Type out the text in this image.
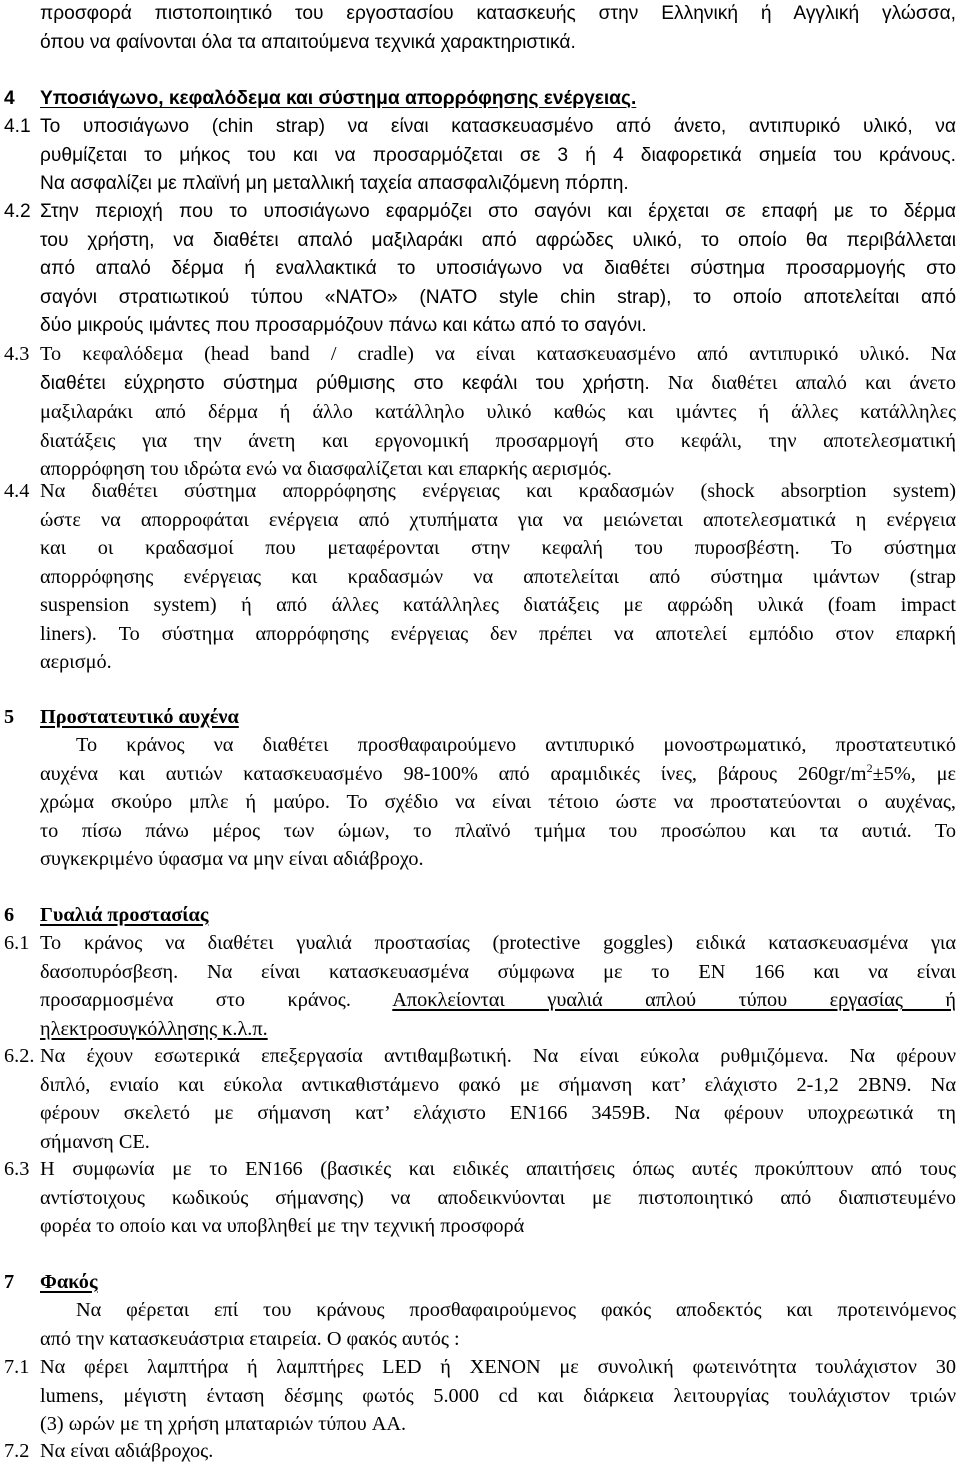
προσφορά πιστοποιητικό του εργοστασίου κατασκευής στην Ελληνική ή Αγγλική γλώσσα,
όπου να φαίνονται όλα τα απαιτούμενα τεχνικά χαρακτηριστικά.
4 Υποσιάγωνο, κεφαλόδεμα και σύστημα απορρόφησης ενέργειας.
4.1 Το υποσιάγωνο (chin strap) να είναι κατασκευασμένο από άνετο, αντιπυρικό υλικό, να
ρυθμίζεται το μήκος του και να προσαρμόζεται σε 3 ή 4 διαφορετικά σημεία του κράνους.
Να ασφαλίζει με πλαϊνή μη μεταλλική ταχεία απασφαλιζόμενη πόρπη.
4.2 Στην περιοχή που το υποσιάγωνο εφαρμόζει στο σαγόνι και έρχεται σε επαφή με το δέρμα
του χρήστη, να διαθέτει απαλό μαξιλαράκι από αφρώδες υλικό, το οποίο θα περιβάλλεται
από απαλό δέρμα ή εναλλακτικά το υποσιάγωνο να διαθέτει σύστημα προσαρμογής στο
σαγόνι στρατιωτικού τύπου «NATO» (NATO style chin strap), το οποίο αποτελείται από
δύο μικρούς ιμάντες που προσαρμόζουν πάνω και κάτω από το σαγόνι.
4.3 Το κεφαλόδεμα (head band / cradle) να είναι κατασκευασμένο από αντιπυρικό υλικό. Να
διαθέτει εύχρηστο σύστημα ρύθμισης στο κεφάλι του χρήστη. Να διαθέτει απαλό και άνετο
μαξιλαράκι από δέρμα ή άλλο κατάλληλο υλικό καθώς και ιμάντες ή άλλες κατάλληλες
διατάξεις για την άνετη και εργονομική προσαρμογή στο κεφάλι, την αποτελεσματική
απορρόφηση του ιδρώτα ενώ να διασφαλίζεται και επαρκής αερισμός.
4.4 Να διαθέτει σύστημα απορρόφησης ενέργειας και κραδασμών (shock absorption system)
ώστε να απορροφάται ενέργεια από χτυπήματα για να μειώνεται αποτελεσματικά η ενέργεια
και οι κραδασμοί που μεταφέρονται στην κεφαλή του πυροσβέστη. Το σύστημα
απορρόφησης ενέργειας και κραδασμών να αποτελείται από σύστημα ιμάντων (strap
suspension system) ή από άλλες κατάλληλες διατάξεις με αφρώδη υλικά (foam impact
liners). Το σύστημα απορρόφησης ενέργειας δεν πρέπει να αποτελεί εμπόδιο στον επαρκή
αερισμό.
5 Προστατευτικό αυχένα
Το κράνος να διαθέτει προσθαφαιρούμενο αντιπυρικό μονοστρωματικό, προστατευτικό
αυχένα και αυτιών κατασκευασμένο 98-100% από αραμιδικές ίνες, βάρους $260gr/m^2\pm 5\%$, με
χρώμα σκούρο μπλε ή μαύρο. Το σχέδιο να είναι τέτοιο ώστε να προστατεύονται ο αυχένας,
το πίσω πάνω μέρος των ώμων, το πλαϊνό τμήμα του προσώπου και τα αυτιά. Το
συγκεκριμένο ύφασμα να μην είναι αδιάβροχο.
6 Γυαλιά προστασίας
6.1 Το κράνος να διαθέτει γυαλιά προστασίας (protective goggles) ειδικά κατασκευασμένα για
δασοπυρόσβεση. Να είναι κατασκευασμένα σύμφωνα με το EN 166 και να είναι
προσαρμοσμένα στο κράνος. Αποκλείονται γυαλιά απλού τύπου εργασίας ή
ηλεκτροσυγκόλλησης κ.λ.π.
6.2. Να έχουν εσωτερικά επεξεργασία αντιθαμβωτική. Να είναι εύκολα ρυθμιζόμενα. Να φέρουν
διπλό, ενιαίο και εύκολα αντικαθιστάμενο φακό με σήμανση κατ’ ελάχιστο 2-1,2 2BN9. Να
φέρουν σκελετό με σήμανση κατ’ ελάχιστο EN166 3459B. Να φέρουν υποχρεωτικά τη
σήμανση CE.
6.3 Η συμφωνία με το EN166 (βασικές και ειδικές απαιτήσεις όπως αυτές προκύπτουν από τους
αντίστοιχους κωδικούς σήμανσης) να αποδεικνύονται με πιστοποιητικό από διαπιστευμένο
φορέα το οποίο και να υποβληθεί με την τεχνική προσφορά
7 Φακός
Να φέρεται επί του κράνους προσθαφαιρούμενος φακός αποδεκτός και προτεινόμενος
από την κατασκευάστρια εταιρεία. Ο φακός αυτός :
7.1 Να φέρει λαμπτήρα ή λαμπτήρες LED ή XENON με συνολική φωτεινότητα τουλάχιστον 30
lumens, μέγιστη ένταση δέσμης φωτός 5.000 cd και διάρκεια λειτουργίας τουλάχιστον τριών
(3) ωρών με τη χρήση μπαταριών τύπου AA.
7.2 Να είναι αδιάβροχος.
